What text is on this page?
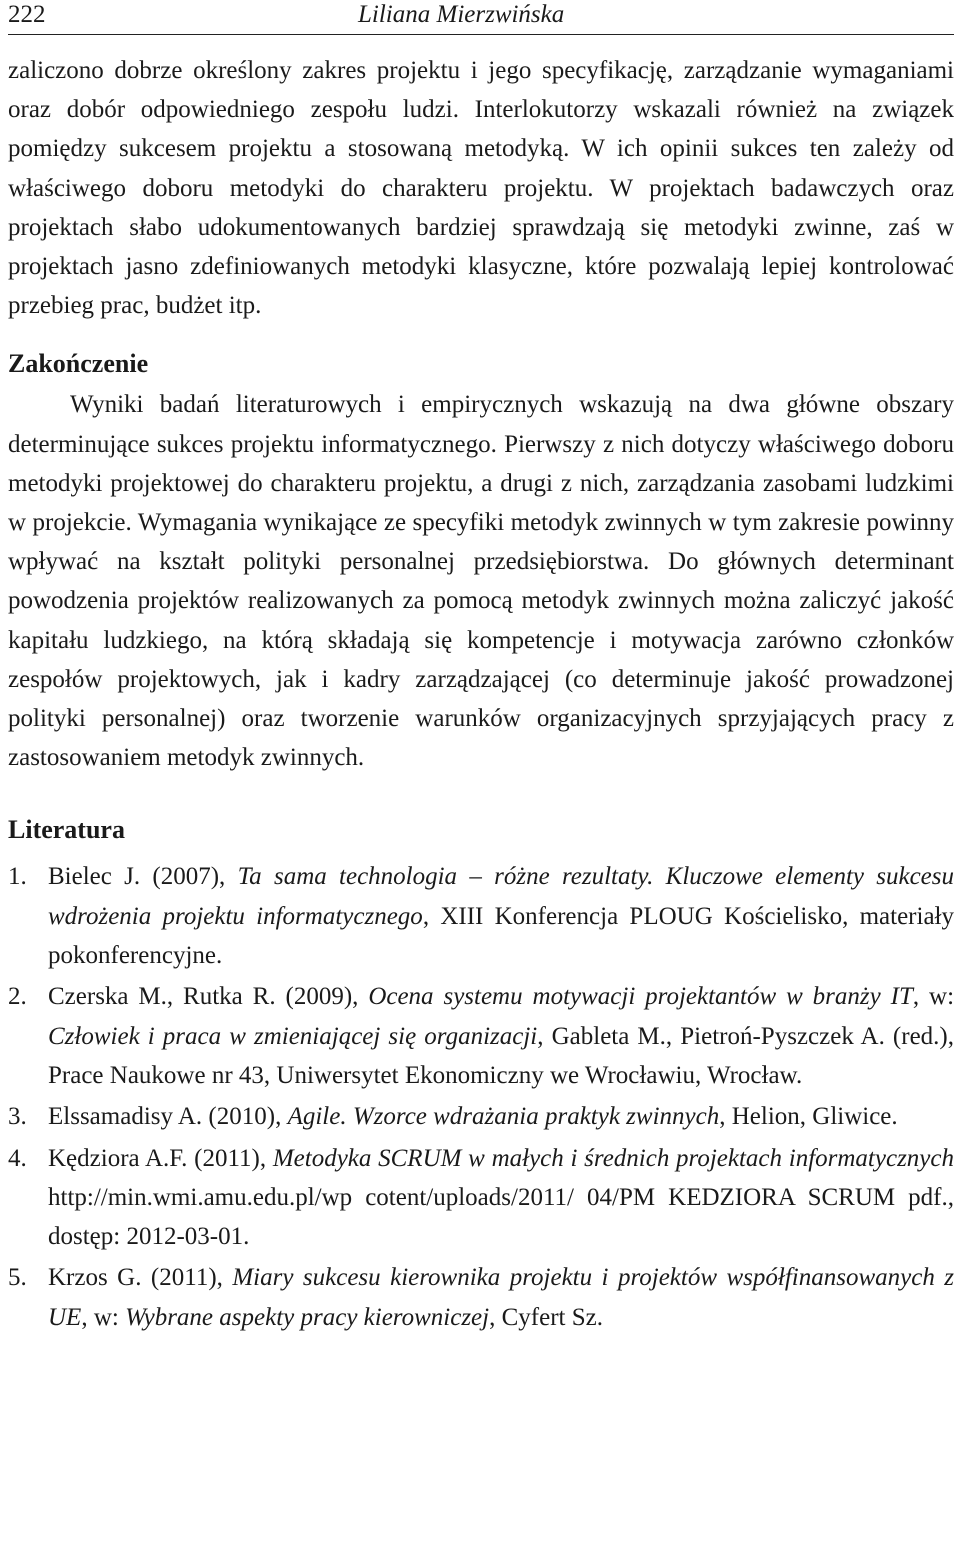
222	Liliana Mierzwińska

zaliczono dobrze określony zakres projektu i jego specyfikację, zarządzanie wymaganiami oraz dobór odpowiedniego zespołu ludzi. Interlokutorzy wskazali również na związek pomiędzy sukcesem projektu a stosowaną metodyką. W ich opinii sukces ten zależy od właściwego doboru metodyki do charakteru projektu. W projektach badawczych oraz projektach słabo udokumentowanych bardziej sprawdzają się metodyki zwinne, zaś w projektach jasno zdefiniowanych metodyki klasyczne, które pozwalają lepiej kontrolować przebieg prac, budżet itp.

Zakończenie

Wyniki badań literaturowych i empirycznych wskazują na dwa główne obszary determinujące sukces projektu informatycznego. Pierwszy z nich dotyczy właściwego doboru metodyki projektowej do charakteru projektu, a drugi z nich, zarządzania zasobami ludzkimi w projekcie. Wymagania wynikające ze specyfiki metodyk zwinnych w tym zakresie powinny wpływać na kształt polityki personalnej przedsiębiorstwa. Do głównych determinant powodzenia projektów realizowanych za pomocą metodyk zwinnych można zaliczyć jakość kapitału ludzkiego, na którą składają się kompetencje i motywacja zarówno członków zespołów projektowych, jak i kadry zarządzającej (co determinuje jakość prowadzonej polityki personalnej) oraz tworzenie warunków organizacyjnych sprzyjających pracy z zastosowaniem metodyk zwinnych.

Literatura
1. Bielec J. (2007), Ta sama technologia – różne rezultaty. Kluczowe elementy sukcesu wdrożenia projektu informatycznego, XIII Konferencja PLOUG Kościelisko, materiały pokonferencyjne.
2. Czerska M., Rutka R. (2009), Ocena systemu motywacji projektantów w branży IT, w: Człowiek i praca w zmieniającej się organizacji, Gableta M., Pietroń-Pyszczek A. (red.), Prace Naukowe nr 43, Uniwersytet Ekonomiczny we Wrocławiu, Wrocław.
3. Elssamadisy A. (2010), Agile. Wzorce wdrażania praktyk zwinnych, Helion, Gliwice.
4. Kędziora A.F. (2011), Metodyka SCRUM w małych i średnich projektach informatycznych http://min.wmi.amu.edu.pl/wp cotent/uploads/2011/ 04/PM KEDZIORA SCRUM pdf., dostęp: 2012-03-01.
5. Krzos G. (2011), Miary sukcesu kierownika projektu i projektów współfinansowanych z UE, w: Wybrane aspekty pracy kierowniczej, Cyfert Sz.
